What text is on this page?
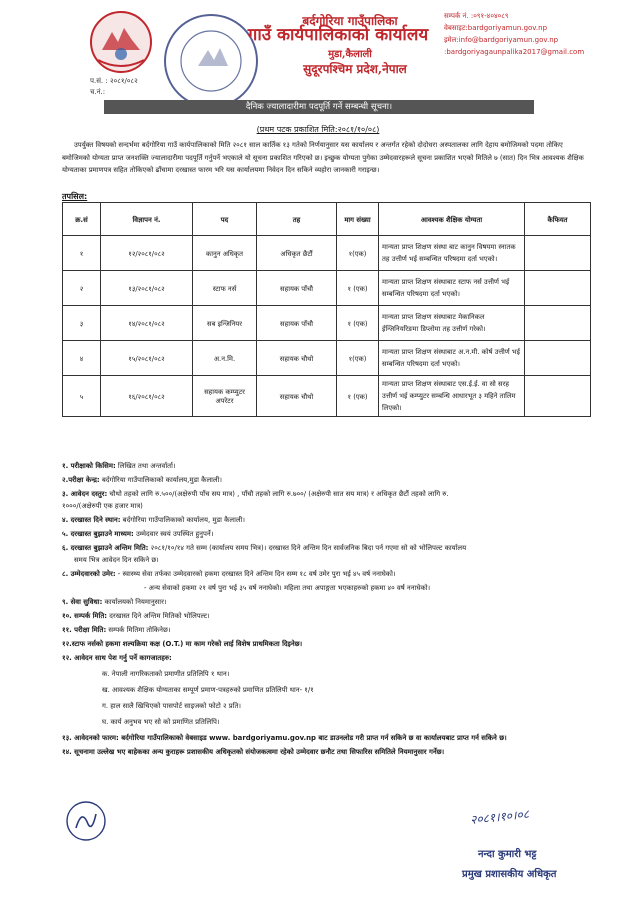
बर्दगोरिया गाउँपालिका
गाउँ कार्यपालिकाको कार्यालय
मुडा,कैलाली
सुदूरपश्चिम प्रदेश,नेपाल
सम्पर्क नं. :०९१-४०४०८९
वेबसाइट:bardgoriyamun.gov.np
इमेल:info@bardgoriyamun.gov.np
:bardgoriyagaunpalika2017@gmail.com
प.सं. : २०८१/०८२
च.नं.:
दैनिक ज्यालादारीमा पदपूर्ति गर्ने सम्बन्धी सूचना।
(प्रथम पटक प्रकाशित मिति:२०८१/१०/०८)
उपर्युक्त विषयको सन्दर्भमा बर्दगोरिया गाउँ कार्यपालिकाको मिति २०८१ साल कार्तिक १३ गतेको निर्णयानुसार यस कार्यालय र अन्तर्गत रहेको दोदोधरा अस्पतालका लागि देहाय बमोजिमको पदमा तोकिए बमोजिमको योग्यता प्राप्त जनशक्ति ज्यालादारीमा पदपूर्ति गर्नुपर्ने भएकाले यो सूचना प्रकाशित गरिएको छ। इच्छुक योग्यता पुगेका उम्मेदवारहरूले सूचना प्रकाशित भएको मितिले ७ (सात) दिन भित्र आवश्यक शैक्षिक योग्यताका प्रमाणपत्र सहित तोकिएको ढाँचामा दरखास्त फारम भरि यस कार्यालयमा निवेदन दिन सकिने व्यहोरा जानकारी गराइन्छ।
तपसिल:
क्र.सं	विज्ञापन नं.	पद	तह	माग संख्या	आवश्यक शैक्षिक योग्यता	कैफियत
१	१२/२०८१/०८२	कानुन अधिकृत	अधिकृत छैटौं	१(एक)	मान्यता प्राप्त शिक्षण संस्था बाट कानुन विषयमा स्नातक तह उत्तीर्ण भई सम्बन्धित परिषदमा दर्ता भएको।	
२	१३/२०८१/०८२	स्टाफ नर्स	सहायक पाँचौ	१ (एक)	मान्यता प्राप्त शिक्षण संस्थाबाट स्टाफ नर्स उत्तीर्ण भई सम्बन्धित परिषदमा दर्ता भएको।	
३	१४/२०८१/०८२	सब इन्जिनियर	सहायक पाँचौ	१ (एक)	मान्यता प्राप्त शिक्षण संस्थाबाट मेकानिकल ईन्जिनियरिङमा डिप्लोमा तह उत्तीर्ण गरेको।	
४	१५/२०८१/०८२	अ.न.मि.	सहायक चौथो	१(एक)	मान्यता प्राप्त शिक्षण संस्थाबाट अ.न.मी. कोर्ष उत्तीर्ण भई सम्बन्धित परिषदमा दर्ता भएको।	
५	१६/२०८१/०८२	सहायक कम्प्युटर अपरेटर	सहायक चौथो	१ (एक)	मान्यता प्राप्त शिक्षण संस्थाबाट एस.ई.ई. वा सो सरह उत्तीर्ण भई कम्प्युटर सम्बन्धि आधारभूत ३ महिने तालिम लिएको।	
१. परीक्षाको किसिम: लिखित तथा अन्तर्वार्ता।
२.परीक्षा केन्द्र: बर्दगोरिया गाउँपालिकाको कार्यालय,मुडा कैलाली।
३. आवेदन दस्तुर: चौथो तहको लागि रु.५००/(अक्षेरुपी पाँच सय मात्र) , पाँचौ तहको लागि रु.७००/ (अक्षेरुपी सात सय मात्र) र अधिकृत छैटौं तहको लागि रु.
१०००/(अक्षेरुपी एक हजार मात्र)
४. दरखास्त दिने स्थान: बर्दगोरिया गाउँपालिकाको कार्यालय, मुडा कैलाली।
५. दरखास्त बुझाउने माध्यम: उम्मेदवार स्वयं उपस्थित हुनुपर्ने।
६. दरखास्त बुझाउने अन्तिम मिति: २०८१/१०/१४ गते सम्म (कार्यालय समय भित्र)। दरखास्त दिने अन्तिम दिन सार्वजनिक बिदा पर्न गएमा सो को भोलिपल्ट कार्यालय
समय भित्र आवेदन दिन सकिने छ।
८. उम्मेदवारको उमेर: - स्वास्थ्य सेवा तर्फका उम्मेदवारको हकमा दरखास्त दिने अन्तिम दिन सम्म १८ वर्ष उमेर पुरा भई ४५ वर्ष ननाघेको।
- अन्य सेवाको हकमा २१ वर्ष पुरा भई ३५ वर्ष ननाघेको। महिला तथा अपाङ्गता भएकाहरुको हकमा ४० वर्ष ननाघेको।
९. सेवा सुविधा: कार्यालयको नियमानुसार।
१०. सम्पर्क मिति: दरखास्त दिने अन्तिम मितिको भोलिपल्ट।
११. परीक्षा मिति: सम्पर्क मितिमा तोकिनेछ।
१२.स्टाफ नर्सको हकमा शल्यक्रिया कक्ष (O.T.) मा काम गरेको लाई विशेष प्राथमिकता दिइनेछ।
१२. आवेदन साथ पेश गर्नु पर्ने कागजातहरु:
क. नेपाली नागरिकताको प्रमाणीत प्रतिलिपि १ थान।
ख. आवश्यक शैक्षिक योग्यताका सम्पूर्ण प्रमाण-पत्रहरुको प्रमाणित प्रतिलिपी थान- १/१
ग. हाल सालै खिचिएको पासपोर्ट साइजको फोटो २ प्रति।
घ. कार्य अनुभव भए सो को प्रमाणित प्रतिलिपि।
१३. आवेदनको फारम: बर्दगोरिया गाउँपालिकाको वेबसाइड www. bardgoriyamu.gov.np बाट डाउनलोड गरी प्राप्त गर्न सकिने छ वा कार्यालयबाट प्राप्त गर्न सकिने छ।
१४. सूचनामा उल्लेख भए बाहेकका अन्य कुराहरू प्रशासकीय अधिकृतको संयोजकत्वमा रहेको उम्मेदवार छनौट तथा सिफारिस समितिले नियमानुसार गर्नेछ।
२०८१।१०।०८
नन्दा कुमारी भट्ट
प्रमुख प्रशासकीय अधिकृत
